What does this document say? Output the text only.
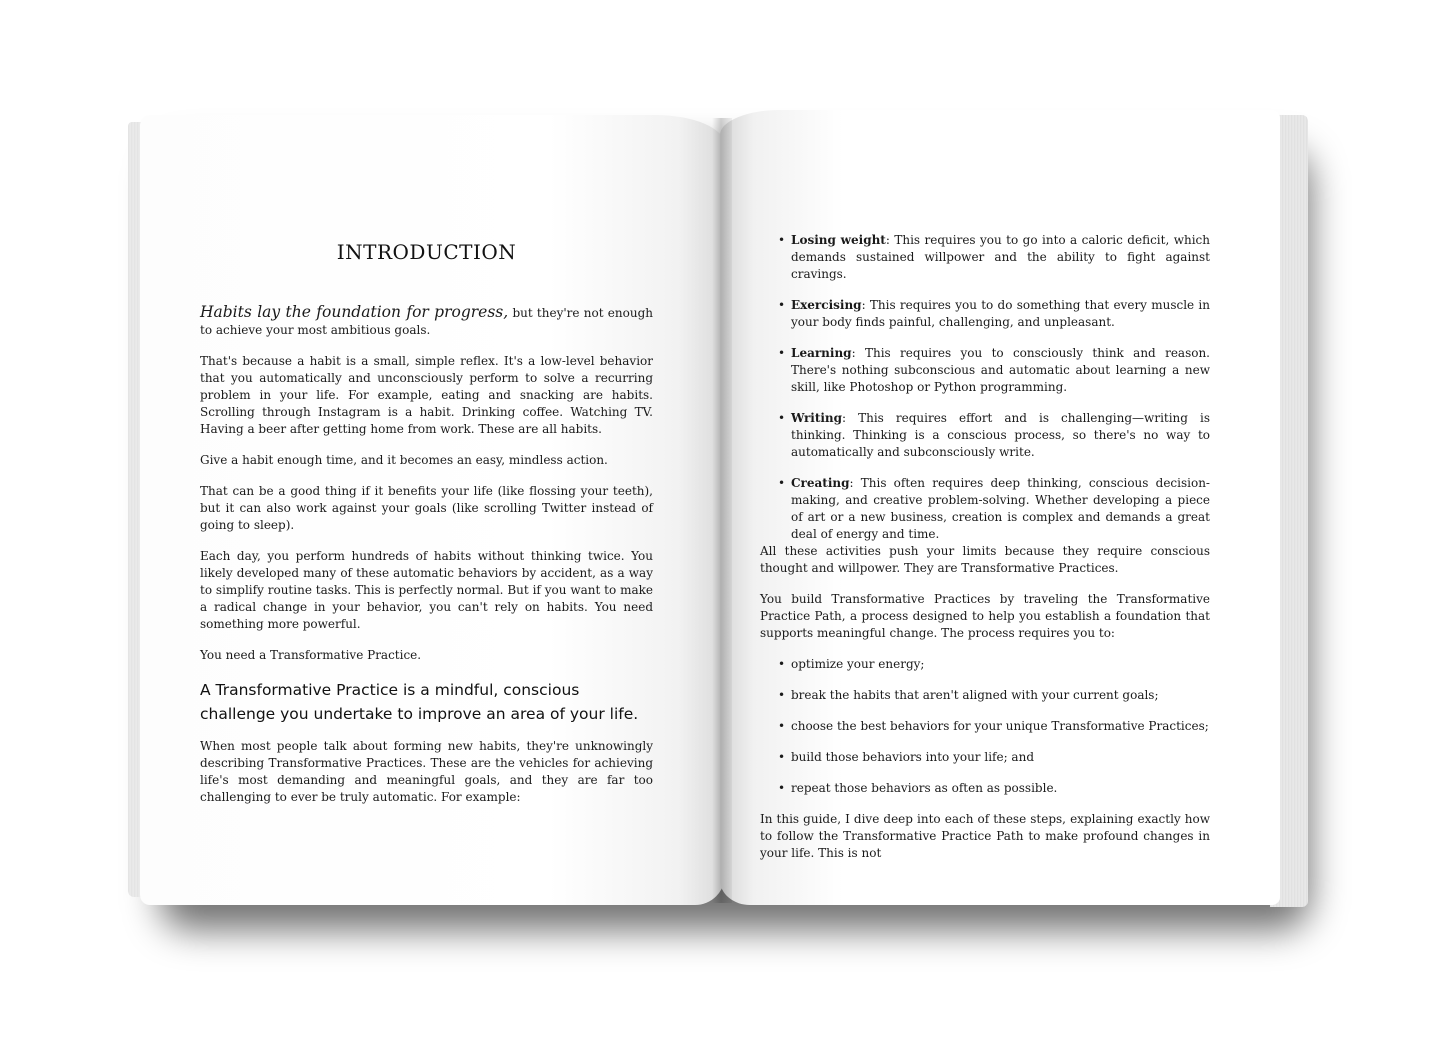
INTRODUCTION

Habits lay the foundation for progress, but they're not enough to achieve your most ambitious goals.

That's because a habit is a small, simple reflex. It's a low-level behavior that you automatically and unconsciously perform to solve a recurring problem in your life. For example, eating and snacking are habits. Scrolling through Instagram is a habit. Drinking coffee. Watching TV. Having a beer after getting home from work. These are all habits.

Give a habit enough time, and it becomes an easy, mindless action.

That can be a good thing if it benefits your life (like flossing your teeth), but it can also work against your goals (like scrolling Twitter instead of going to sleep).

Each day, you perform hundreds of habits without thinking twice. You likely developed many of these automatic behaviors by accident, as a way to simplify routine tasks. This is perfectly normal. But if you want to make a radical change in your behavior, you can't rely on habits. You need something more powerful.

You need a Transformative Practice.

A Transformative Practice is a mindful, conscious challenge you undertake to improve an area of your life.

When most people talk about forming new habits, they're unknowingly describing Transformative Practices. These are the vehicles for achieving life's most demanding and meaningful goals, and they are far too challenging to ever be truly automatic. For example:

• Losing weight: This requires you to go into a caloric deficit, which demands sustained willpower and the ability to fight against cravings.
• Exercising: This requires you to do something that every muscle in your body finds painful, challenging, and unpleasant.
• Learning: This requires you to consciously think and reason. There's nothing subconscious and automatic about learning a new skill, like Photoshop or Python programming.
• Writing: This requires effort and is challenging—writing is thinking. Thinking is a conscious process, so there's no way to automatically and subconsciously write.
• Creating: This often requires deep thinking, conscious decision-making, and creative problem-solving. Whether developing a piece of art or a new business, creation is complex and demands a great deal of energy and time.

All these activities push your limits because they require conscious thought and willpower. They are Transformative Practices.

You build Transformative Practices by traveling the Transformative Practice Path, a process designed to help you establish a foundation that supports meaningful change. The process requires you to:

• optimize your energy;
• break the habits that aren't aligned with your current goals;
• choose the best behaviors for your unique Transformative Practices;
• build those behaviors into your life; and
• repeat those behaviors as often as possible.

In this guide, I dive deep into each of these steps, explaining exactly how to follow the Transformative Practice Path to make profound changes in your life. This is not
